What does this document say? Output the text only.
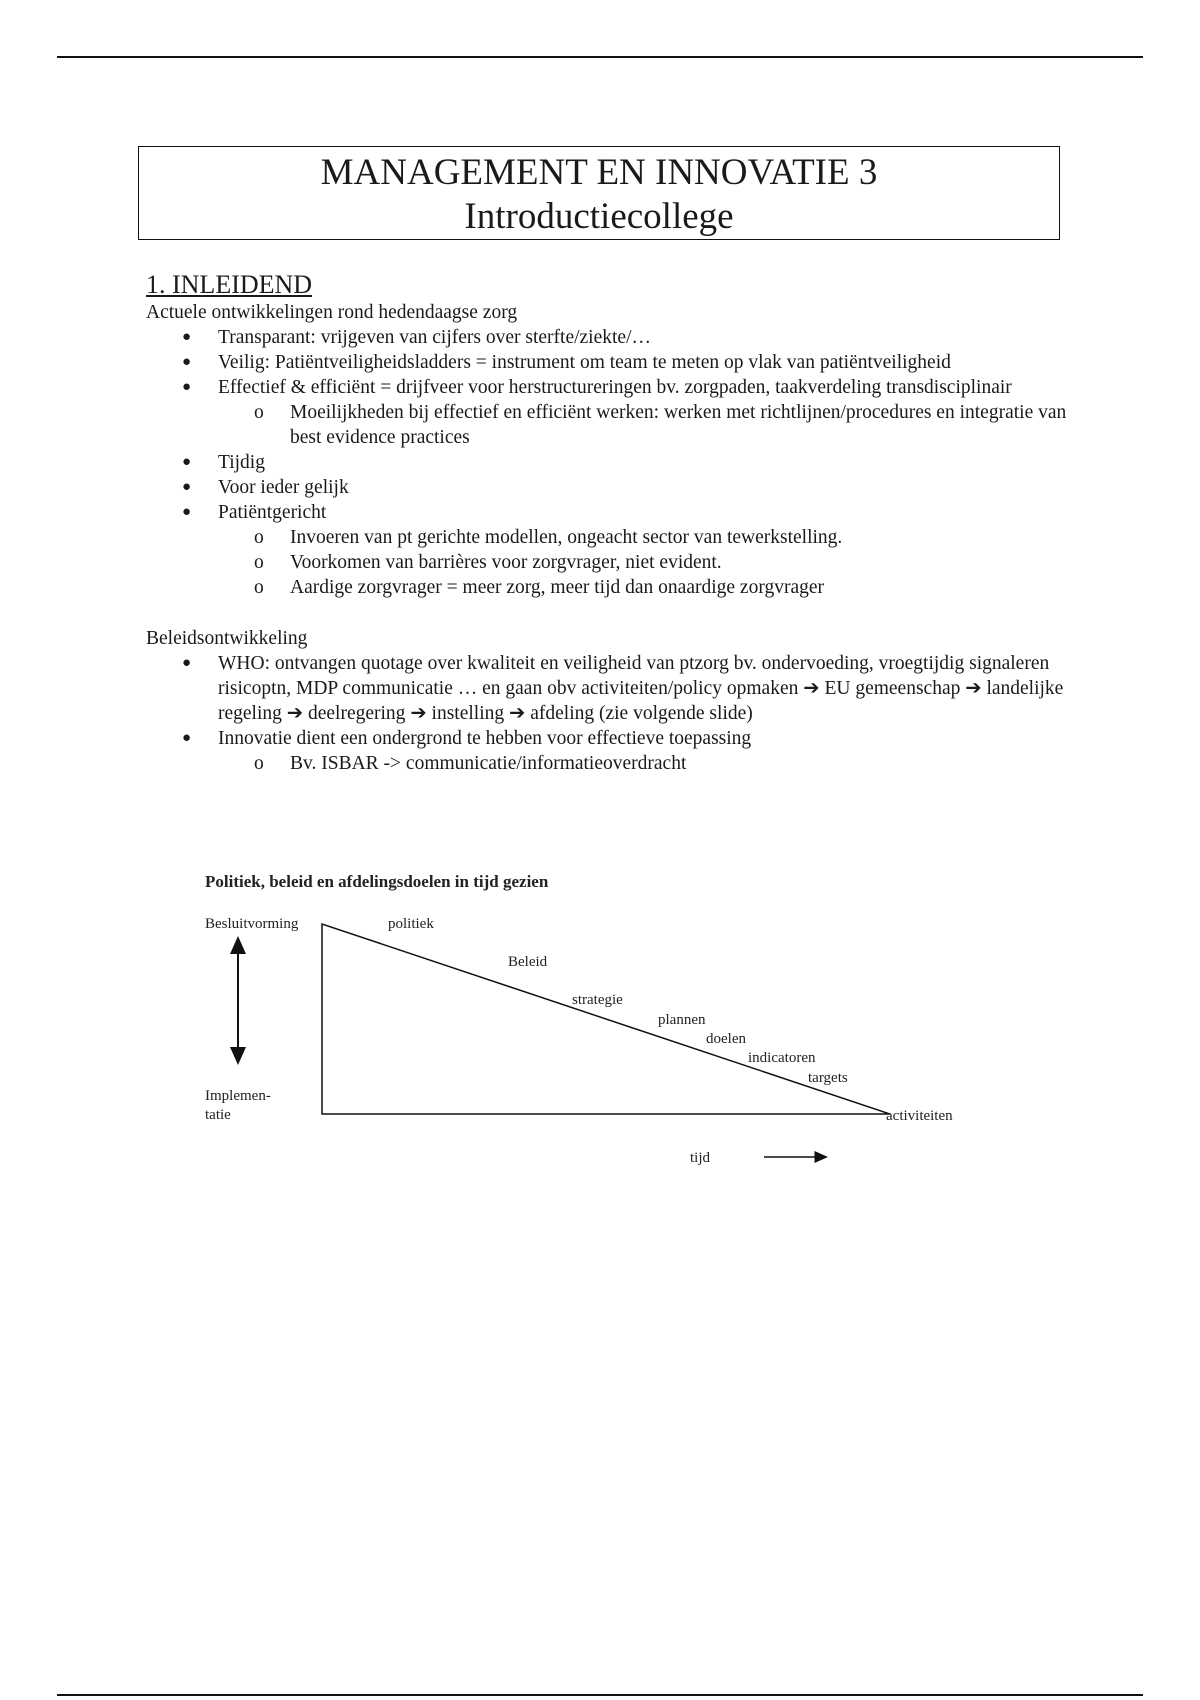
MANAGEMENT EN INNOVATIE 3
Introductiecollege
1. INLEIDEND

Actuele ontwikkelingen rond hedendaagse zorg

● Transparant: vrijgeven van cijfers over sterfte/ziekte/…
● Veilig: Patiëntveiligheidsladders = instrument om team te meten op vlak van patiëntveiligheid
● Effectief & efficiënt = drijfveer voor herstructureringen bv. zorgpaden, taakverdeling transdisciplinair
o Moeilijkheden bij effectief en efficiënt werken: werken met richtlijnen/procedures en integratie van best evidence practices
● Tijdig
● Voor ieder gelijk
● Patiëntgericht
o Invoeren van pt gerichte modellen, ongeacht sector van tewerkstelling.
o Voorkomen van barrières voor zorgvrager, niet evident.
o Aardige zorgvrager = meer zorg, meer tijd dan onaardige zorgvrager

Beleidsontwikkeling

● WHO: ontvangen quotage over kwaliteit en veiligheid van ptzorg bv. ondervoeding, vroegtijdig signaleren risicoptn, MDP communicatie … en gaan obv activiteiten/policy opmaken ➔ EU gemeenschap ➔ landelijke regeling ➔ deelregering ➔ instelling ➔ afdeling (zie volgende slide)
● Innovatie dient een ondergrond te hebben voor effectieve toepassing
o Bv. ISBAR -> communicatie/informatieoverdracht
Politiek, beleid en afdelingsdoelen in tijd gezien
Besluitvorming
Implemen-
tatie
politiek
Beleid
strategie
plannen
doelen
indicatoren
targets
activiteiten
tijd
